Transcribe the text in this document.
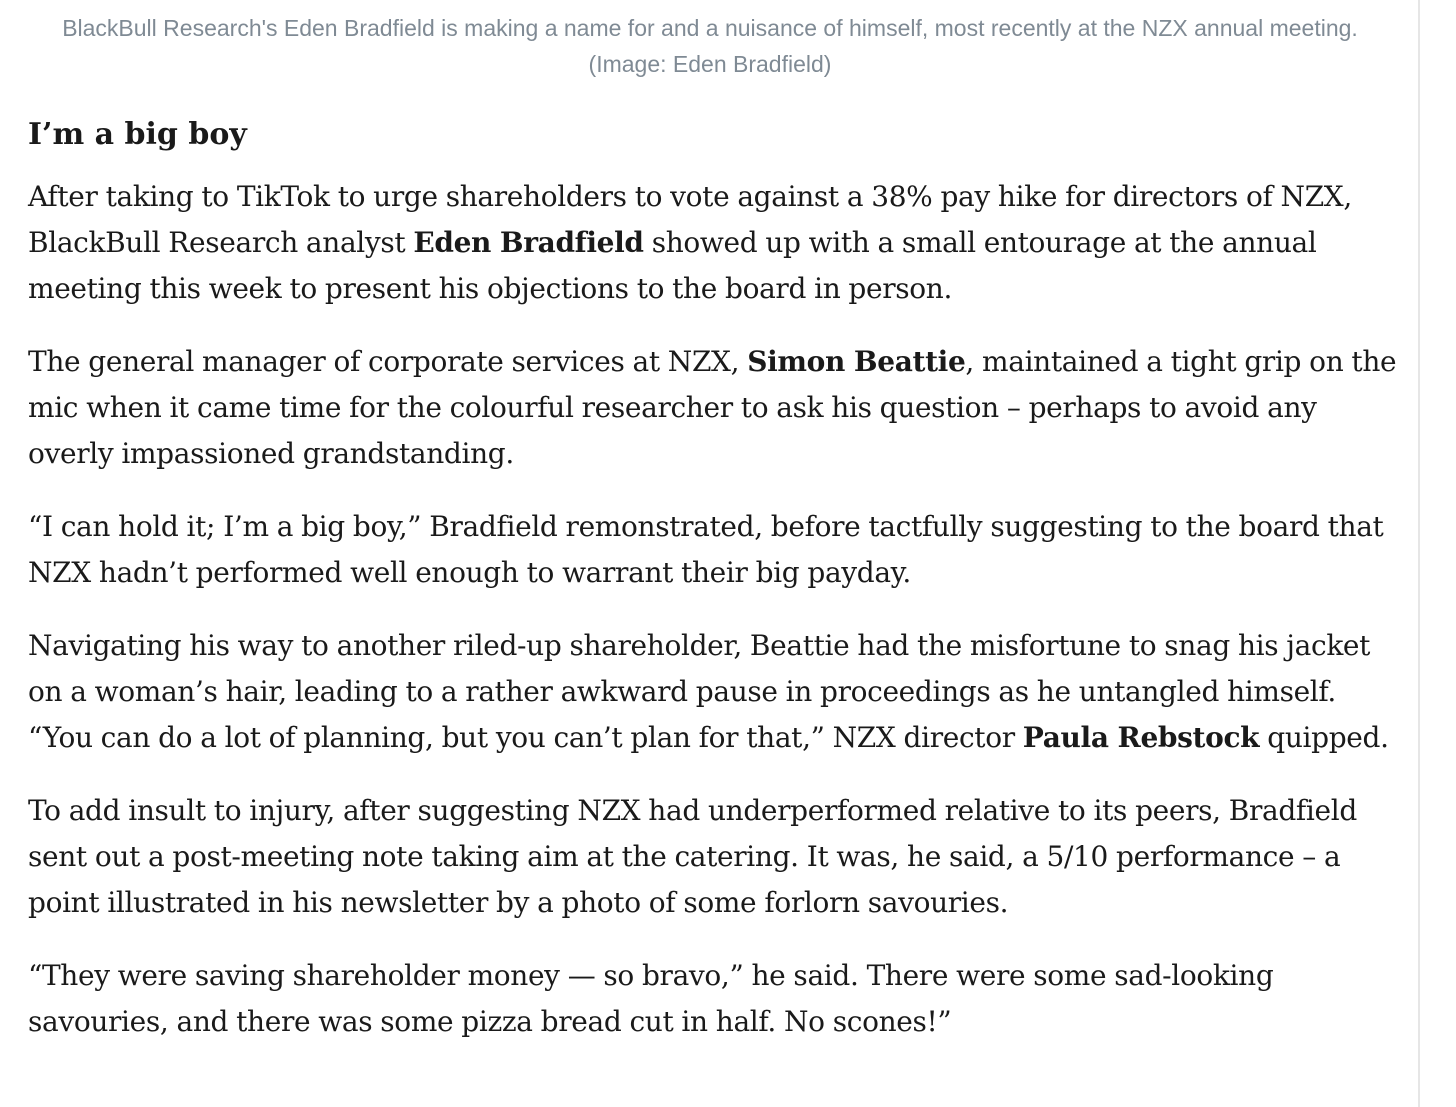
BlackBull Research's Eden Bradfield is making a name for and a nuisance of himself, most recently at the NZX annual meeting. (Image: Eden Bradfield)
I’m a big boy

After taking to TikTok to urge shareholders to vote against a 38% pay hike for directors of NZX, BlackBull Research analyst Eden Bradfield showed up with a small entourage at the annual meeting this week to present his objections to the board in person.

The general manager of corporate services at NZX, Simon Beattie, maintained a tight grip on the mic when it came time for the colourful researcher to ask his question – perhaps to avoid any overly impassioned grandstanding.

“I can hold it; I’m a big boy,” Bradfield remonstrated, before tactfully suggesting to the board that NZX hadn’t performed well enough to warrant their big payday.

Navigating his way to another riled-up shareholder, Beattie had the misfortune to snag his jacket on a woman’s hair, leading to a rather awkward pause in proceedings as he untangled himself. “You can do a lot of planning, but you can’t plan for that,” NZX director Paula Rebstock quipped.

To add insult to injury, after suggesting NZX had underperformed relative to its peers, Bradfield sent out a post-meeting note taking aim at the catering. It was, he said, a 5/10 performance – a point illustrated in his newsletter by a photo of some forlorn savouries.

“They were saving shareholder money — so bravo,” he said. There were some sad-looking savouries, and there was some pizza bread cut in half. No scones!”
